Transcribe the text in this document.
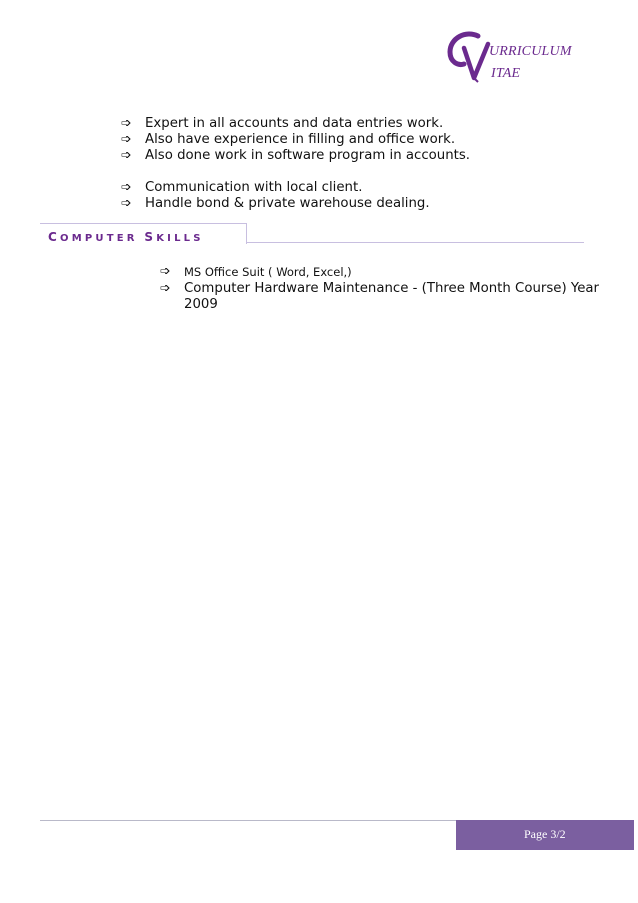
URRICULUM
ITAE
➩ Expert in all accounts and data entries work.
➩ Also have experience in filling and office work.
➩ Also done work in software program in accounts.
➩ Communication with local client.
➩ Handle bond & private warehouse dealing.
COMPUTER SKILLS
➩ MS Office Suit ( Word, Excel,)
➩ Computer Hardware Maintenance - (Three Month Course) Year 2009
Page 3/2
